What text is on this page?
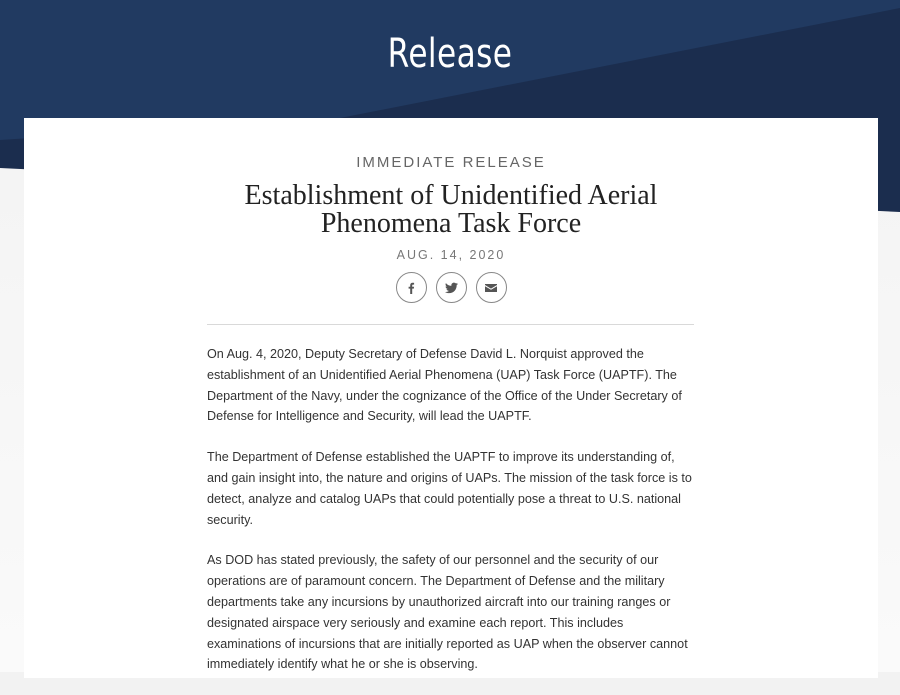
Release

IMMEDIATE RELEASE

Establishment of Unidentified Aerial
Phenomena Task Force

AUG. 14, 2020

On Aug. 4, 2020, Deputy Secretary of Defense David L. Norquist approved the establishment of an Unidentified Aerial Phenomena (UAP) Task Force (UAPTF). The Department of the Navy, under the cognizance of the Office of the Under Secretary of Defense for Intelligence and Security, will lead the UAPTF.

The Department of Defense established the UAPTF to improve its understanding of, and gain insight into, the nature and origins of UAPs. The mission of the task force is to detect, analyze and catalog UAPs that could potentially pose a threat to U.S. national security.

As DOD has stated previously, the safety of our personnel and the security of our operations are of paramount concern. The Department of Defense and the military departments take any incursions by unauthorized aircraft into our training ranges or designated airspace very seriously and examine each report. This includes examinations of incursions that are initially reported as UAP when the observer cannot immediately identify what he or she is observing.
